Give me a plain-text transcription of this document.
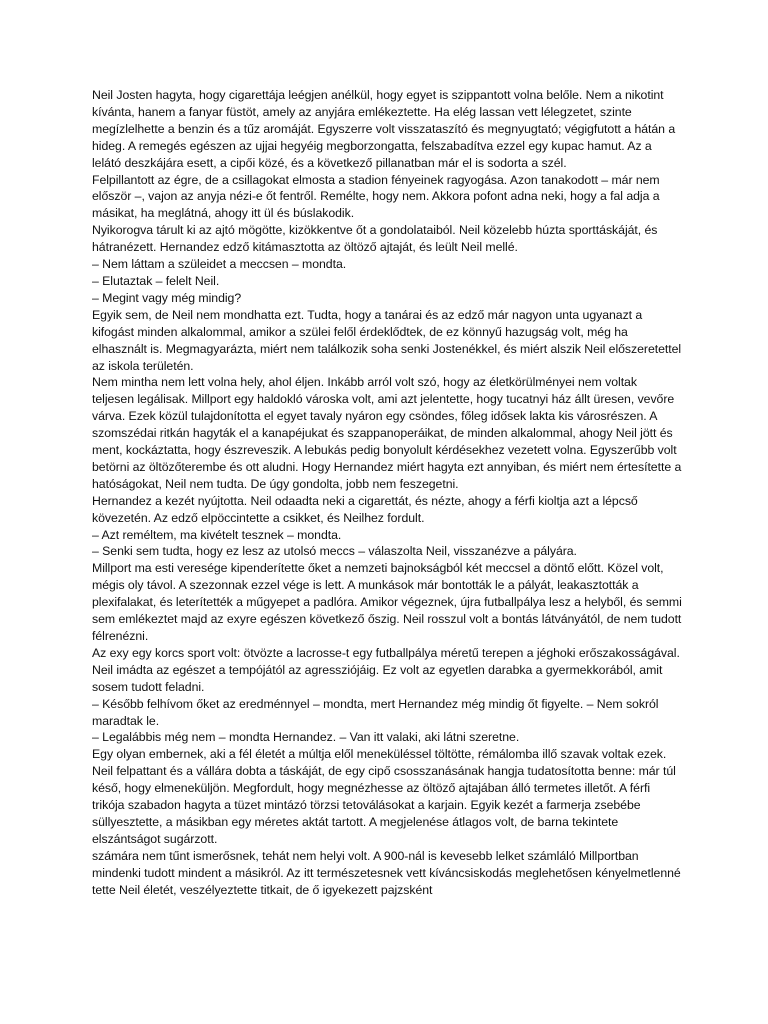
Neil Josten hagyta, hogy cigarettája leégjen anélkül, hogy egyet is szippantott volna belőle. Nem a nikotint kívánta, hanem a fanyar füstöt, amely az anyjára emlékeztette. Ha elég lassan vett lélegzetet, szinte megízlelhette a benzin és a tűz aromáját. Egyszerre volt visszataszító és megnyugtató; végigfutott a hátán a hideg. A remegés egészen az ujjai hegyéig megborzongatta, felszabadítva ezzel egy kupac hamut. Az a lelátó deszkájára esett, a cipői közé, és a következő pillanatban már el is sodorta a szél.

Felpillantott az égre, de a csillagokat elmosta a stadion fényeinek ragyogása. Azon tanakodott – már nem először –, vajon az anyja nézi-e őt fentről. Remélte, hogy nem. Akkora pofont adna neki, hogy a fal adja a másikat, ha meglátná, ahogy itt ül és búslakodik.

Nyikorogva tárult ki az ajtó mögötte, kizökkentve őt a gondolataiból. Neil közelebb húzta sporttáskáját, és hátranézett. Hernandez edző kitámasztotta az öltöző ajtaját, és leült Neil mellé.

– Nem láttam a szüleidet a meccsen – mondta.

– Elutaztak – felelt Neil.

– Megint vagy még mindig?

Egyik sem, de Neil nem mondhatta ezt. Tudta, hogy a tanárai és az edző már nagyon unta ugyanazt a kifogást minden alkalommal, amikor a szülei felől érdeklődtek, de ez könnyű hazugság volt, még ha elhasznált is. Megmagyarázta, miért nem találkozik soha senki Jostenékkel, és miért alszik Neil előszeretettel az iskola területén.

Nem mintha nem lett volna hely, ahol éljen. Inkább arról volt szó, hogy az életkörülményei nem voltak teljesen legálisak. Millport egy haldokló városka volt, ami azt jelentette, hogy tucatnyi ház állt üresen, vevőre várva. Ezek közül tulajdonította el egyet tavaly nyáron egy csöndes, főleg idősek lakta kis városrészen. A szomszédai ritkán hagyták el a kanapéjukat és szappanoperáikat, de minden alkalommal, ahogy Neil jött és ment, kockáztatta, hogy észreveszik. A lebukás pedig bonyolult kérdésekhez vezetett volna. Egyszerűbb volt betörni az öltözőterembe és ott aludni. Hogy Hernandez miért hagyta ezt annyiban, és miért nem értesítette a hatóságokat, Neil nem tudta. De úgy gondolta, jobb nem feszegetni.

Hernandez a kezét nyújtotta. Neil odaadta neki a cigarettát, és nézte, ahogy a férfi kioltja azt a lépcső kövezetén. Az edző elpöccintette a csikket, és Neilhez fordult.

– Azt reméltem, ma kivételt tesznek – mondta.

– Senki sem tudta, hogy ez lesz az utolsó meccs – válaszolta Neil, visszanézve a pályára.

Millport ma esti veresége kipenderítette őket a nemzeti bajnokságból két meccsel a döntő előtt. Közel volt, mégis oly távol. A szezonnak ezzel vége is lett. A munkások már bontották le a pályát, leakasztották a plexifalakat, és leterítették a műgyepet a padlóra. Amikor végeznek, újra futballpálya lesz a helyből, és semmi sem emlékeztet majd az exyre egészen következő őszig. Neil rosszul volt a bontás látványától, de nem tudott félrenézni.

Az exy egy korcs sport volt: ötvözte a lacrosse-t egy futballpálya méretű terepen a jéghoki erőszakosságával. Neil imádta az egészet a tempójától az agressziójáig. Ez volt az egyetlen darabka a gyermekkorából, amit sosem tudott feladni.

– Később felhívom őket az eredménnyel – mondta, mert Hernandez még mindig őt figyelte. – Nem sokról maradtak le.

– Legalábbis még nem – mondta Hernandez. – Van itt valaki, aki látni szeretne.

Egy olyan embernek, aki a fél életét a múltja elől meneküléssel töltötte, rémálomba illő szavak voltak ezek. Neil felpattant és a vállára dobta a táskáját, de egy cipő csosszanásának hangja tudatosította benne: már túl késő, hogy elmeneküljön. Megfordult, hogy megnézhesse az öltöző ajtajában álló termetes illetőt. A férfi trikója szabadon hagyta a tüzet mintázó törzsi tetoválásokat a karjain. Egyik kezét a farmerja zsebébe süllyesztette, a másikban egy méretes aktát tartott. A megjelenése átlagos volt, de barna tekintete elszántságot sugárzott.

számára nem tűnt ismerősnek, tehát nem helyi volt. A 900-nál is kevesebb lelket számláló Millportban mindenki tudott mindent a másikról. Az itt természetesnek vett kíváncsiskodás meglehetősen kényelmetlenné tette Neil életét, veszélyeztette titkait, de ő igyekezett pajzsként
